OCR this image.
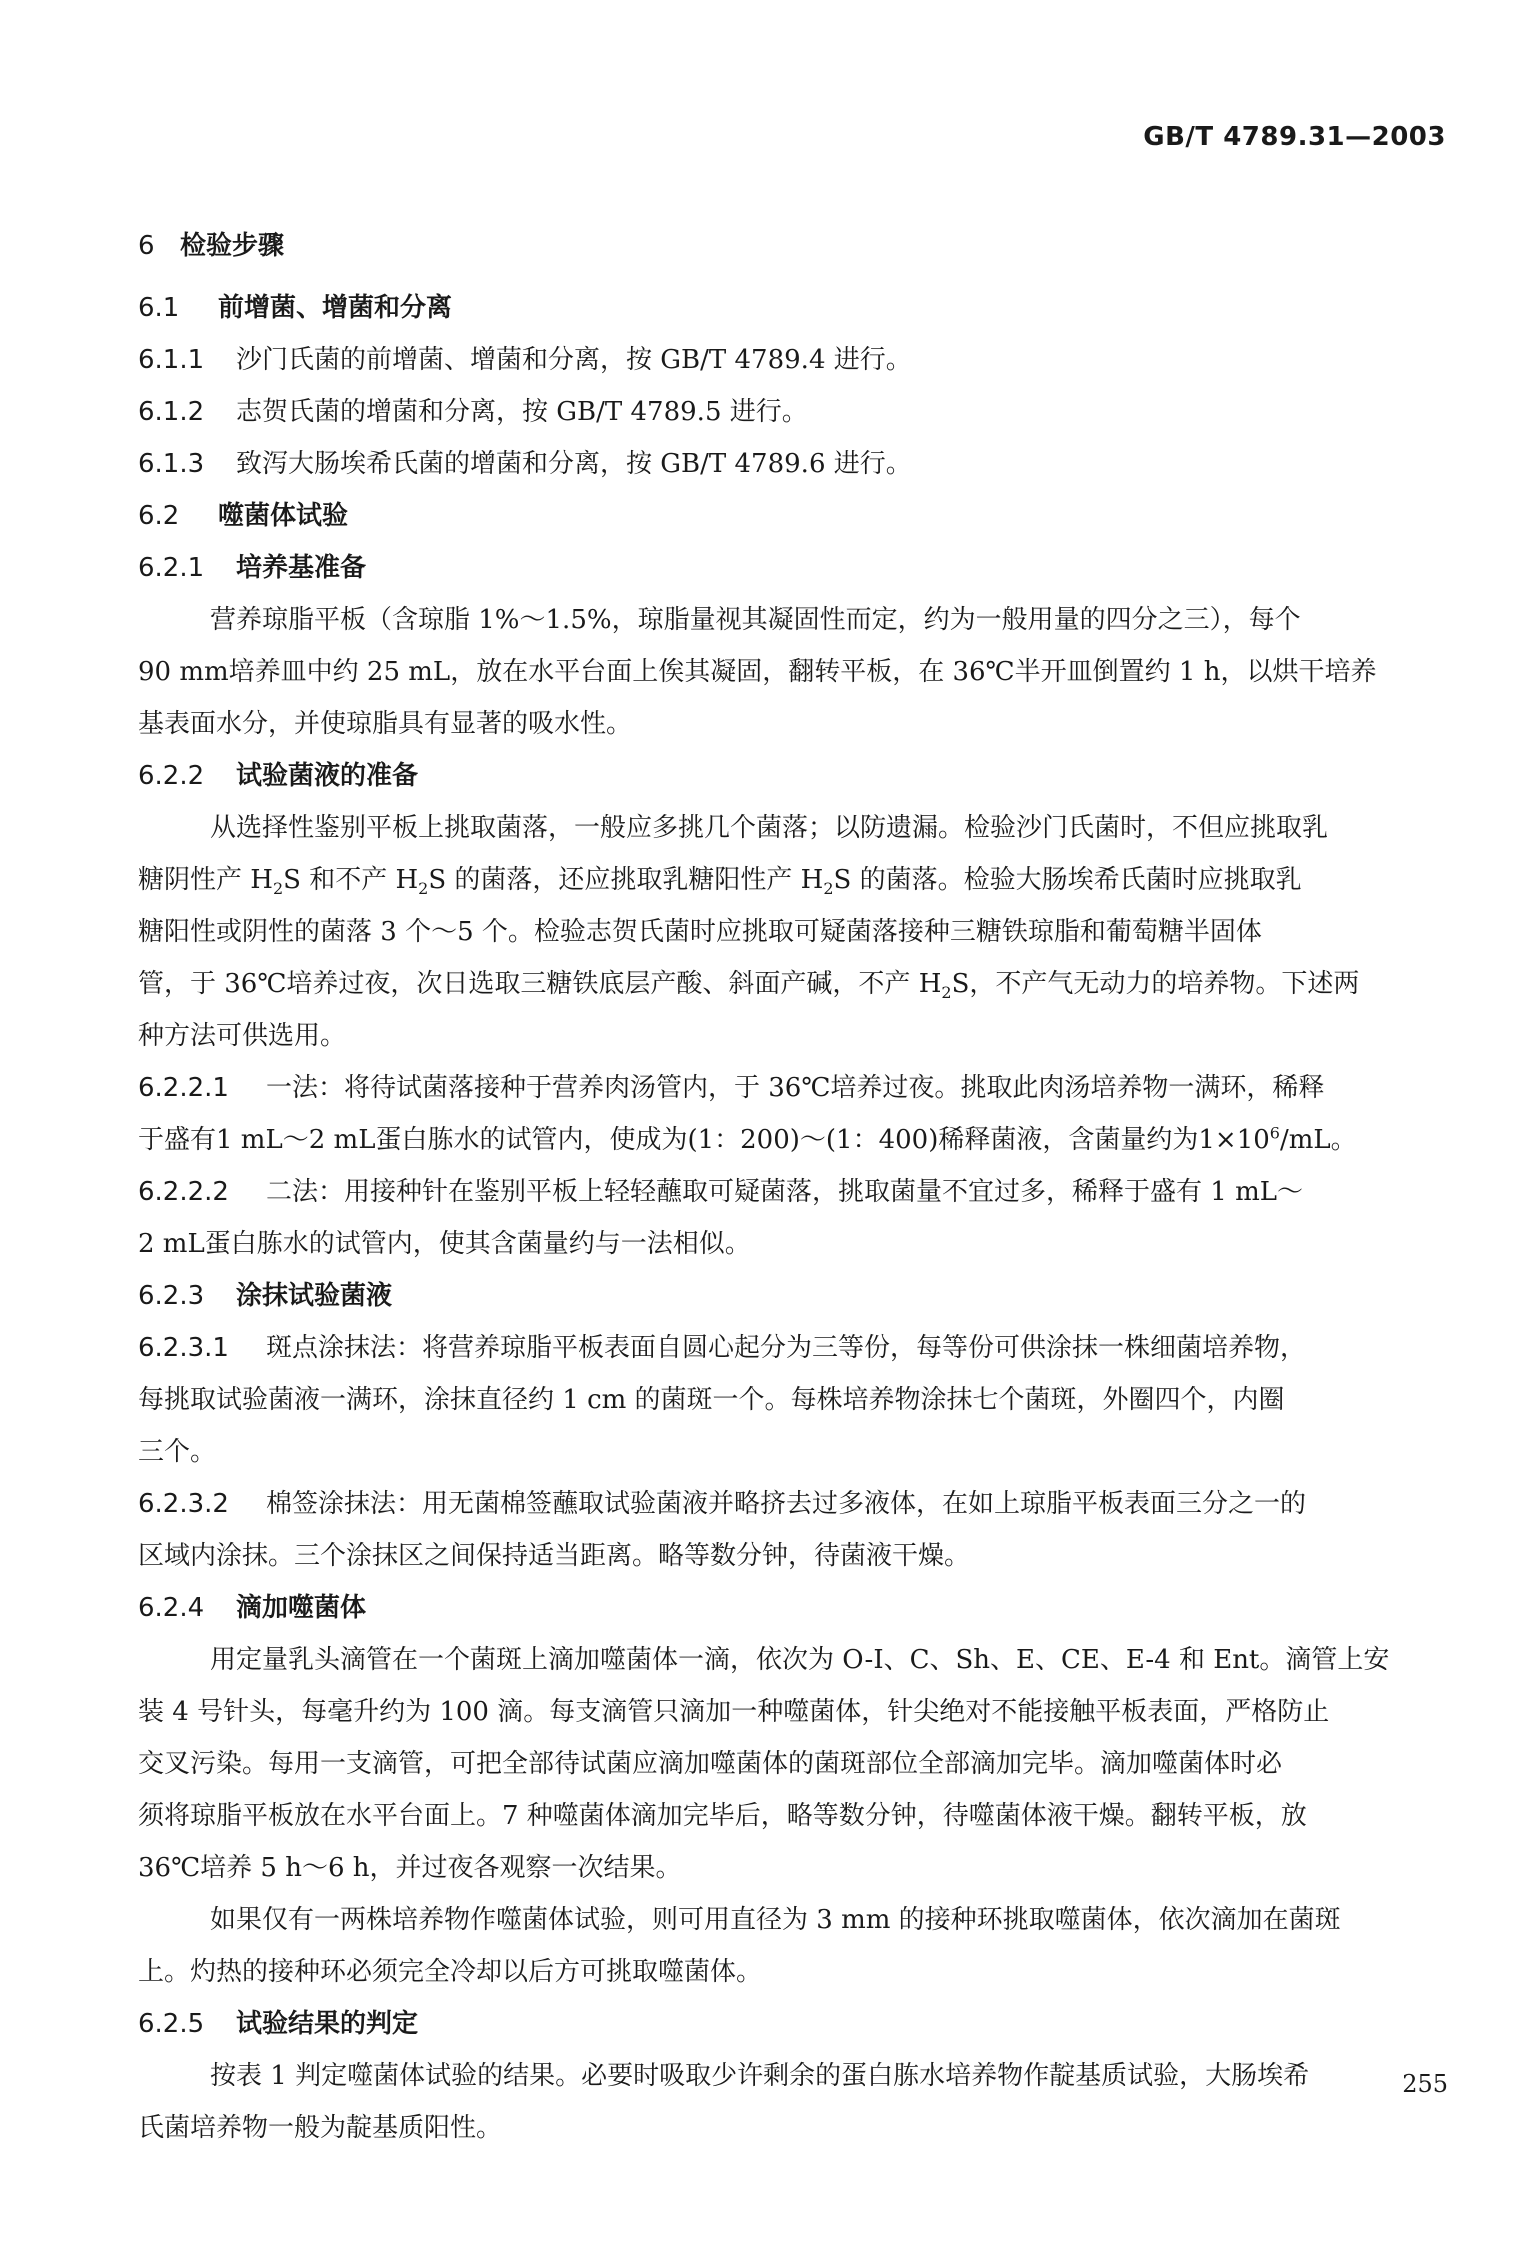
GB/T 4789.31—2003
6 检验步骤
6.1 前增菌、增菌和分离
6.1.1 沙门氏菌的前增菌、增菌和分离，按 GB/T 4789.4 进行。
6.1.2 志贺氏菌的增菌和分离，按 GB/T 4789.5 进行。
6.1.3 致泻大肠埃希氏菌的增菌和分离，按 GB/T 4789.6 进行。
6.2 噬菌体试验
6.2.1 培养基准备
营养琼脂平板（含琼脂 1%～1.5%，琼脂量视其凝固性而定，约为一般用量的四分之三），每个
90 mm培养皿中约 25 mL，放在水平台面上俟其凝固，翻转平板，在 36℃半开皿倒置约 1 h，以烘干培养
基表面水分，并使琼脂具有显著的吸水性。
6.2.2 试验菌液的准备
从选择性鉴别平板上挑取菌落，一般应多挑几个菌落；以防遗漏。检验沙门氏菌时，不但应挑取乳
糖阴性产 $H_2S$ 和不产 $H_2S$ 的菌落，还应挑取乳糖阳性产 $H_2S$ 的菌落。检验大肠埃希氏菌时应挑取乳
糖阳性或阴性的菌落 3 个～5 个。检验志贺氏菌时应挑取可疑菌落接种三糖铁琼脂和葡萄糖半固体
管，于 36℃培养过夜，次日选取三糖铁底层产酸、斜面产碱，不产 $H_2S$，不产气无动力的培养物。下述两
种方法可供选用。
6.2.2.1 一法：将待试菌落接种于营养肉汤管内，于 36℃培养过夜。挑取此肉汤培养物一满环，稀释
于盛有1 mL～2 mL蛋白胨水的试管内，使成为(1：200)～(1：400)稀释菌液，含菌量约为$1\times 10^6/mL$。
6.2.2.2 二法：用接种针在鉴别平板上轻轻蘸取可疑菌落，挑取菌量不宜过多，稀释于盛有 1 mL～
2 mL蛋白胨水的试管内，使其含菌量约与一法相似。
6.2.3 涂抹试验菌液
6.2.3.1 斑点涂抹法：将营养琼脂平板表面自圆心起分为三等份，每等份可供涂抹一株细菌培养物，
每挑取试验菌液一满环，涂抹直径约 1 cm 的菌斑一个。每株培养物涂抹七个菌斑，外圈四个，内圈
三个。
6.2.3.2 棉签涂抹法：用无菌棉签蘸取试验菌液并略挤去过多液体，在如上琼脂平板表面三分之一的
区域内涂抹。三个涂抹区之间保持适当距离。略等数分钟，待菌液干燥。
6.2.4 滴加噬菌体
用定量乳头滴管在一个菌斑上滴加噬菌体一滴，依次为 O-Ⅰ、C、Sh、E、CE、E-4 和 Ent。滴管上安
装 4 号针头，每毫升约为 100 滴。每支滴管只滴加一种噬菌体，针尖绝对不能接触平板表面，严格防止
交叉污染。每用一支滴管，可把全部待试菌应滴加噬菌体的菌斑部位全部滴加完毕。滴加噬菌体时必
须将琼脂平板放在水平台面上。7 种噬菌体滴加完毕后，略等数分钟，待噬菌体液干燥。翻转平板，放
36℃培养 5 h～6 h，并过夜各观察一次结果。
如果仅有一两株培养物作噬菌体试验，则可用直径为 3 mm 的接种环挑取噬菌体，依次滴加在菌斑
上。灼热的接种环必须完全冷却以后方可挑取噬菌体。
6.2.5 试验结果的判定
按表 1 判定噬菌体试验的结果。必要时吸取少许剩余的蛋白胨水培养物作靛基质试验，大肠埃希
氏菌培养物一般为靛基质阳性。
255
